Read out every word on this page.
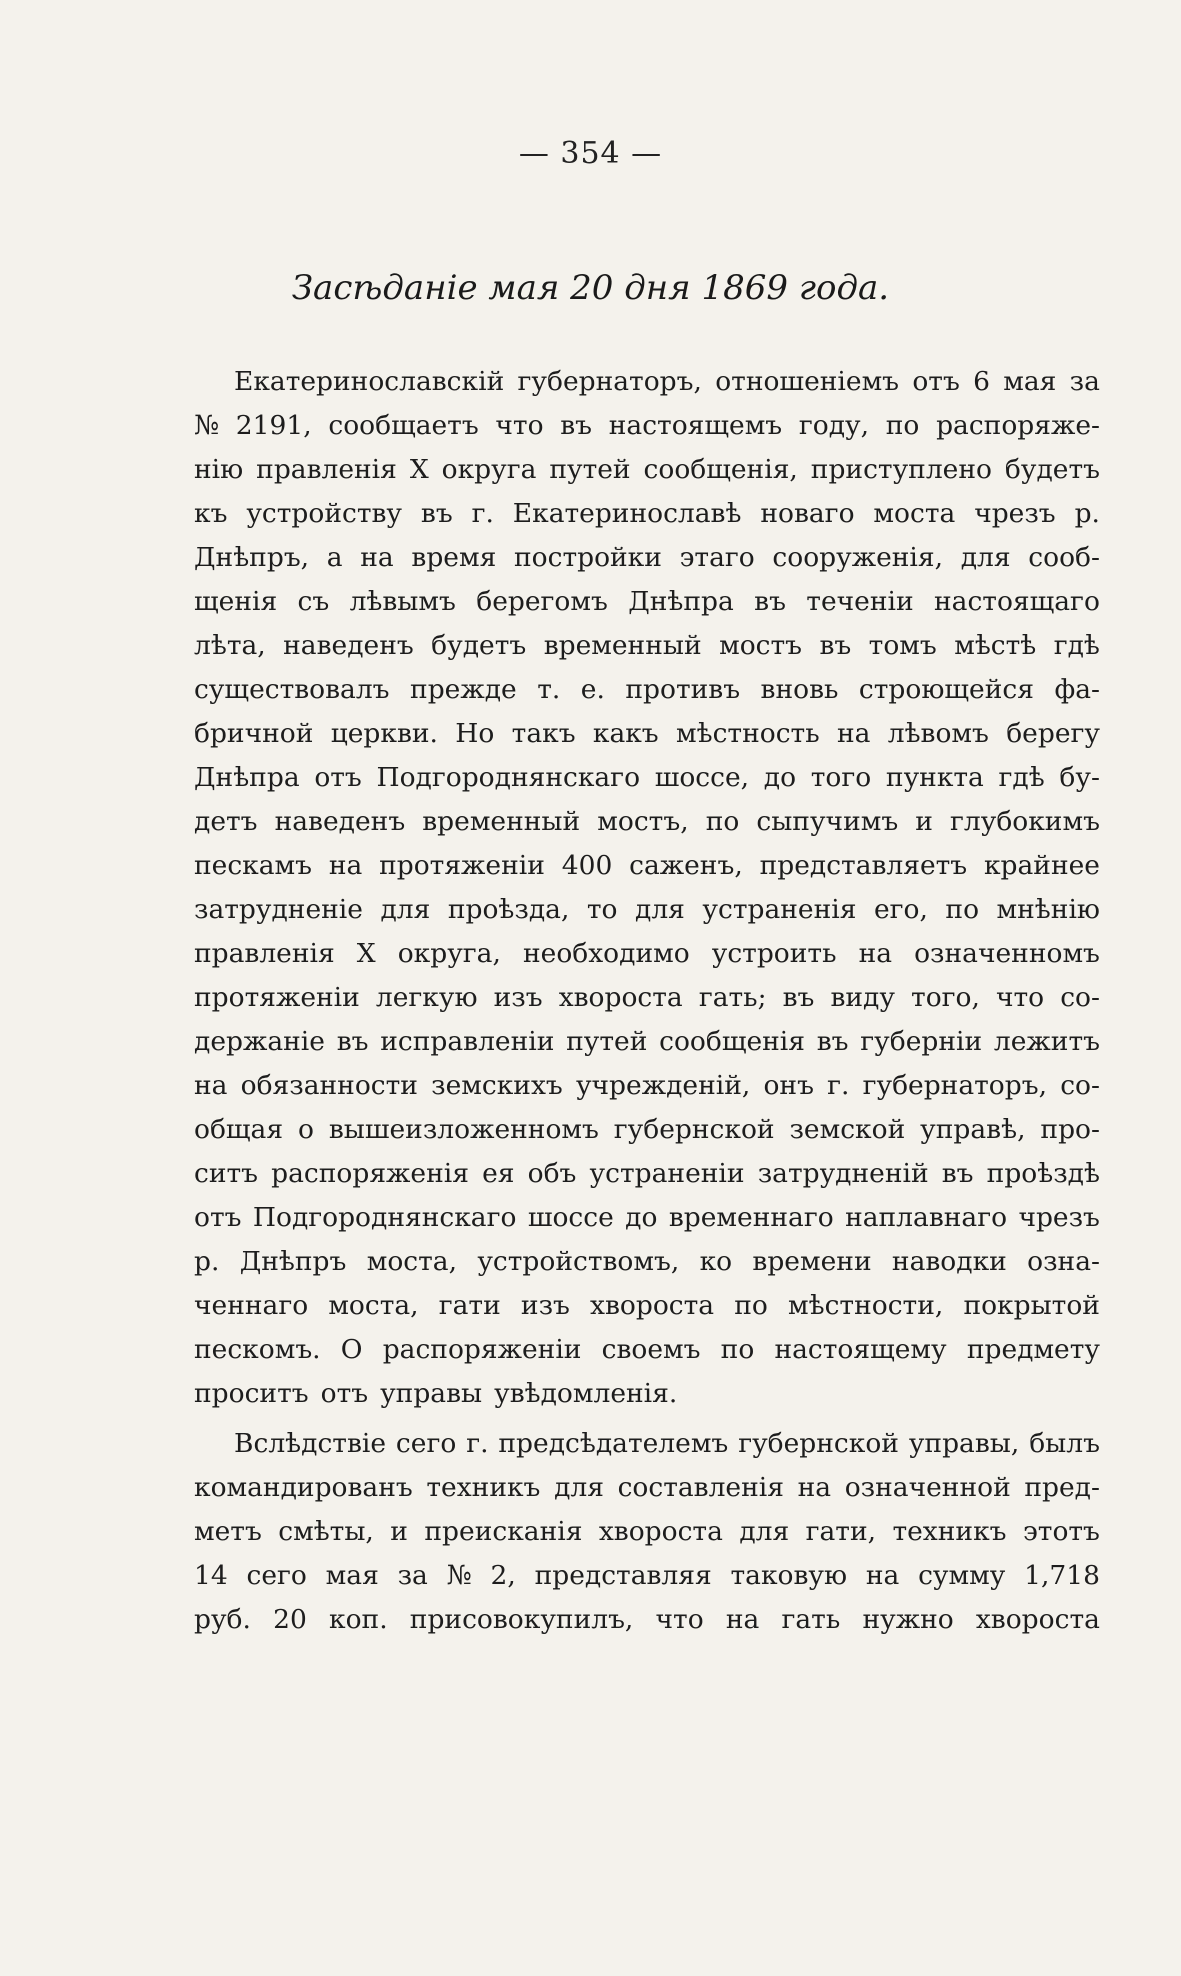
— 354 —
Засѣданіе мая 20 дня 1869 года.
Екатеринославскій губернаторъ, отношеніемъ отъ 6 мая за
№ 2191, сообщаетъ что въ настоящемъ году, по распоряже-
нію правленія X округа путей сообщенія, приступлено будетъ
къ устройству въ г. Екатеринославѣ новаго моста чрезъ р.
Днѣпръ, а на время постройки этаго сооруженія, для сооб-
щенія съ лѣвымъ берегомъ Днѣпра въ теченіи настоящаго
лѣта, наведенъ будетъ временный мостъ въ томъ мѣстѣ гдѣ
существовалъ прежде т. е. противъ вновь строющейся фа-
бричной церкви. Но такъ какъ мѣстность на лѣвомъ берегу
Днѣпра отъ Подгороднянскаго шоссе, до того пункта гдѣ бу-
детъ наведенъ временный мостъ, по сыпучимъ и глубокимъ
пескамъ на протяженіи 400 саженъ, представляетъ крайнее
затрудненіе для проѣзда, то для устраненія его, по мнѣнію
правленія X округа, необходимо устроить на означенномъ
протяженіи легкую изъ хвороста гать; въ виду того, что со-
держаніе въ исправленіи путей сообщенія въ губерніи лежитъ
на обязанности земскихъ учрежденій, онъ г. губернаторъ, со-
общая о вышеизложенномъ губернской земской управѣ, про-
ситъ распоряженія ея объ устраненіи затрудненій въ проѣздѣ
отъ Подгороднянскаго шоссе до временнаго наплавнаго чрезъ
р. Днѣпръ моста, устройствомъ, ко времени наводки озна-
ченнаго моста, гати изъ хвороста по мѣстности, покрытой
пескомъ. О распоряженіи своемъ по настоящему предмету
проситъ отъ управы увѣдомленія.
Вслѣдствіе сего г. предсѣдателемъ губернской управы, былъ
командированъ техникъ для составленія на означенной пред-
метъ смѣты, и преисканія хвороста для гати, техникъ этотъ
14 сего мая за № 2, представляя таковую на сумму 1,718
руб. 20 коп. присовокупилъ, что на гать нужно хвороста
